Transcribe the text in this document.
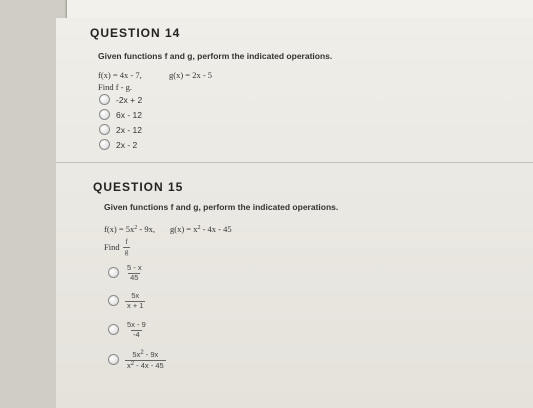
QUESTION 14
Given functions f and g, perform the indicated operations.
f(x) = 4x - 7,	g(x) = 2x - 5
Find f - g.
-2x + 2
6x - 12
2x - 12
2x - 2
QUESTION 15
Given functions f and g, perform the indicated operations.
$f(x) = 5x^2 - 9x$, $g(x) = x^2 - 4x - 45$
Find $\frac{f}{g}$
$\frac{5 - x}{45}$
$\frac{5x}{x + 1}$
$\frac{5x - 9}{-4}$
$\frac{5x^2 - 9x}{x^2 - 4x - 45}$
